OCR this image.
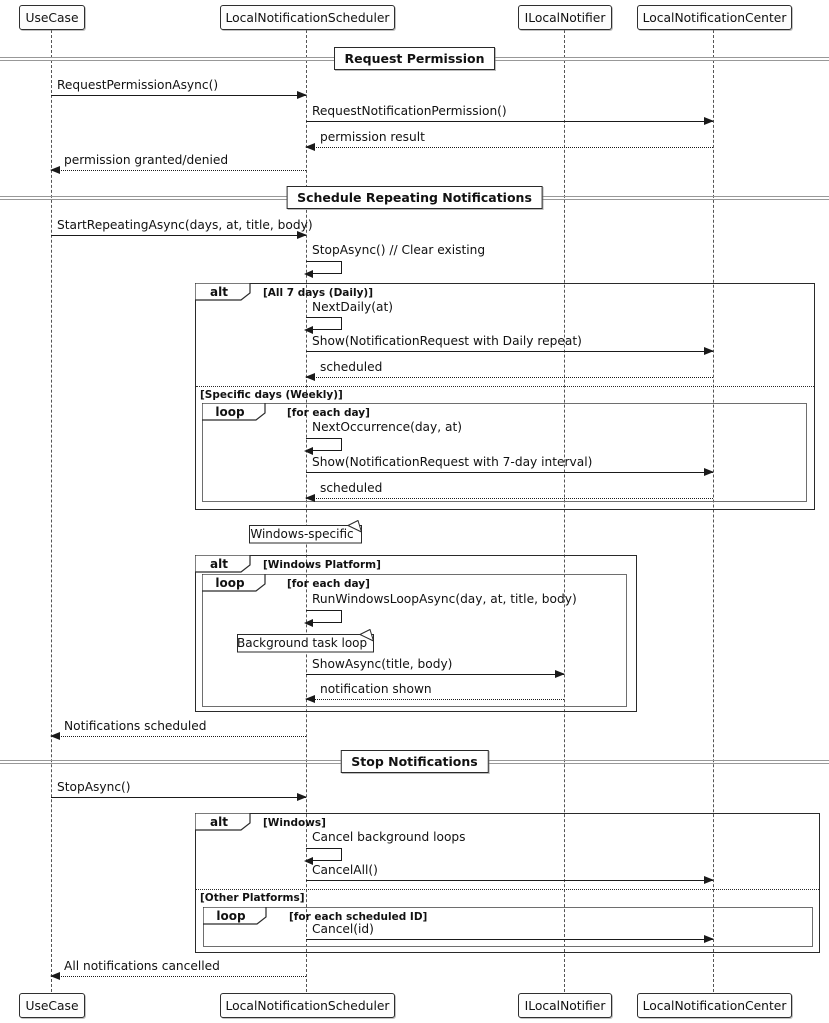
alt	[All 7 days (Daily)]
[Specific days (Weekly)]
loop	[for each day]
alt	[Windows Platform]
loop	[for each day]
alt	[Windows]
[Other Platforms]
loop	[for each scheduled ID]
Windows-specific
Background task loop
RequestPermissionAsync()
RequestNotificationPermission()
permission result
permission granted/denied
StartRepeatingAsync(days, at, title, body)
StopAsync() // Clear existing
NextDaily(at)
Show(NotificationRequest with Daily repeat)
scheduled
NextOccurrence(day, at)
Show(NotificationRequest with 7-day interval)
scheduled
RunWindowsLoopAsync(day, at, title, body)
ShowAsync(title, body)
notification shown
Notifications scheduled
StopAsync()
Cancel background loops
CancelAll()
Cancel(id)
All notifications cancelled
Request Permission
Schedule Repeating Notifications
Stop Notifications
UseCase	LocalNotificationScheduler	ILocalNotifier	LocalNotificationCenter
UseCase	LocalNotificationScheduler	ILocalNotifier	LocalNotificationCenter
